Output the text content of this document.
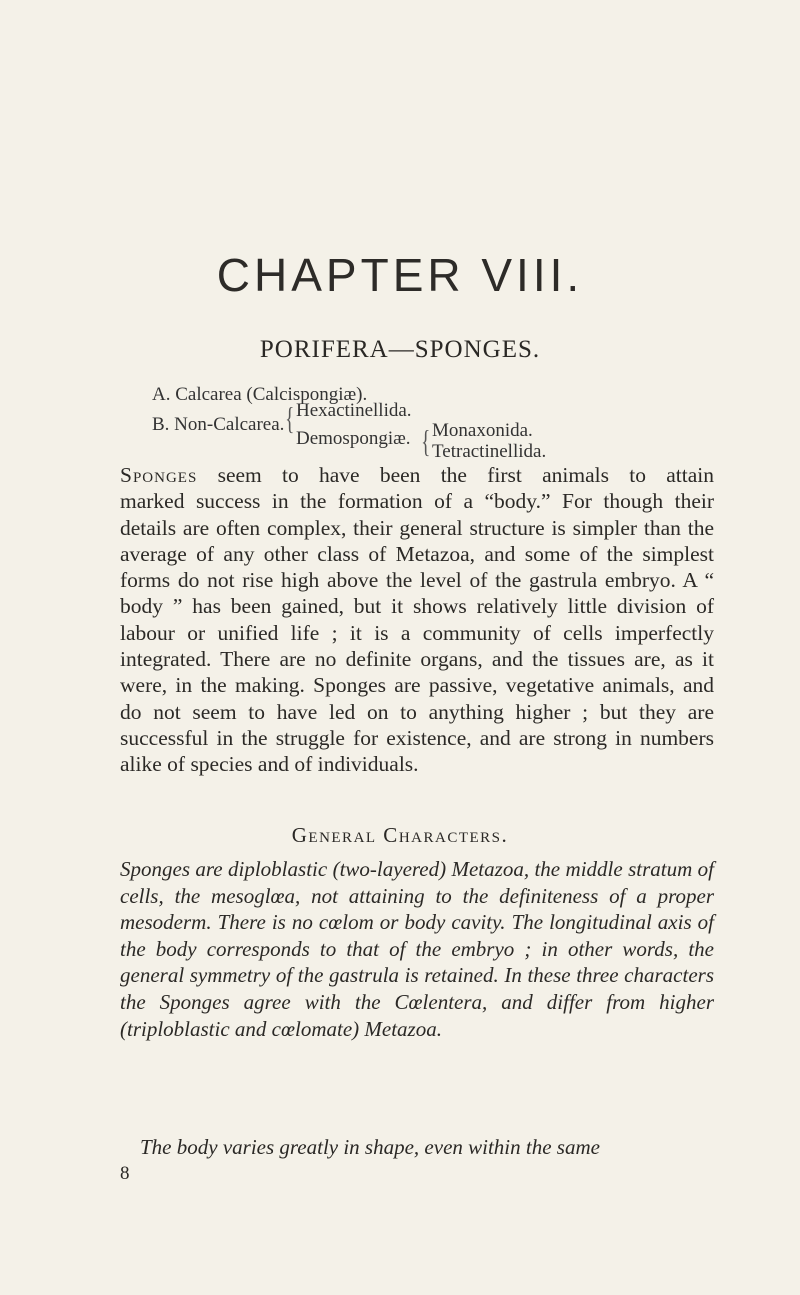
CHAPTER VIII.
PORIFERA—SPONGES.
A. Calcarea (Calcispongiæ).
B. Non-Calcarea. { Hexactinellida.
Demospongiæ. { Monaxonida.
Tetractinellida.

Sponges seem to have been the first animals to attain
marked success in the formation of a “body.” For though their details are often complex, their general structure is simpler than the average of any other class of Metazoa, and some of the simplest forms do not rise high above the level of the gastrula embryo. A “ body ” has been gained, but it shows relatively little division of labour or unified life ; it is a community of cells imperfectly integrated. There are no definite organs, and the tissues are, as it were, in the making. Sponges are passive, vegetative animals, and do not seem to have led on to anything higher ; but they are successful in the struggle for existence, and are strong in numbers alike of species and of individuals.

General Characters.

Sponges are diploblastic (two-layered) Metazoa, the middle stratum of cells, the mesoglœa, not attaining to the definiteness of a proper mesoderm. There is no cœlom or body cavity. The longitudinal axis of the body corresponds to that of the embryo ; in other words, the general symmetry of the gastrula is retained. In these three characters the Sponges agree with the Cœlentera, and differ from higher (triploblastic and cœlomate) Metazoa.

The body varies greatly in shape, even within the same

8
